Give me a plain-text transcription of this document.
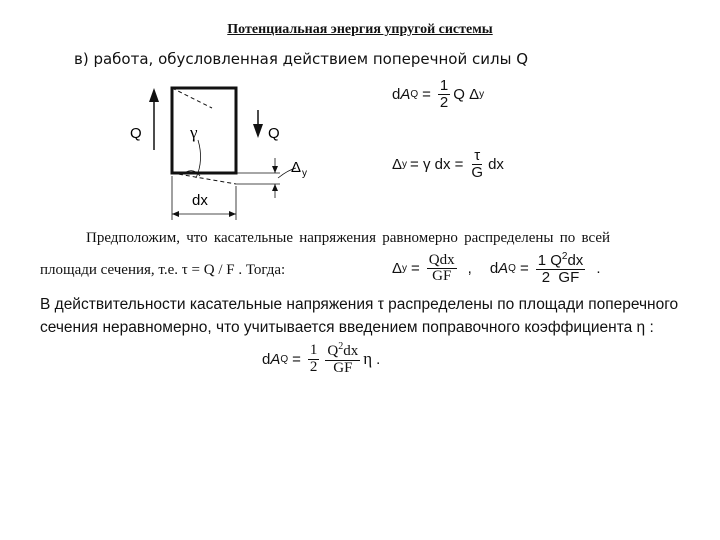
Потенциальная энергия упругой системы
в) работа, обусловленная действием поперечной силы Q
Q	γ	Q
Δ y
dx
d A $Q = \frac{1}{2}$ Q Δ y
Δ y = γ dx = $\frac{\tau}{G}$ dx
Предположим, что касательные напряжения равномерно распределены по всей
площади сечения, т.е. τ = Q / F . Тогда:	Δ $y = \frac{\text{Qdx}}{GF}$ , d A $Q = \frac{1 Q^2dx}{2 GF}$ .
В действительности касательные напряжения τ распределены по площади поперечного
сечения неравномерно, что учитывается введением поправочного коэффициента η :
d A $Q = \frac{1}{2} \frac{Q^2dx}{GF}$ η .
